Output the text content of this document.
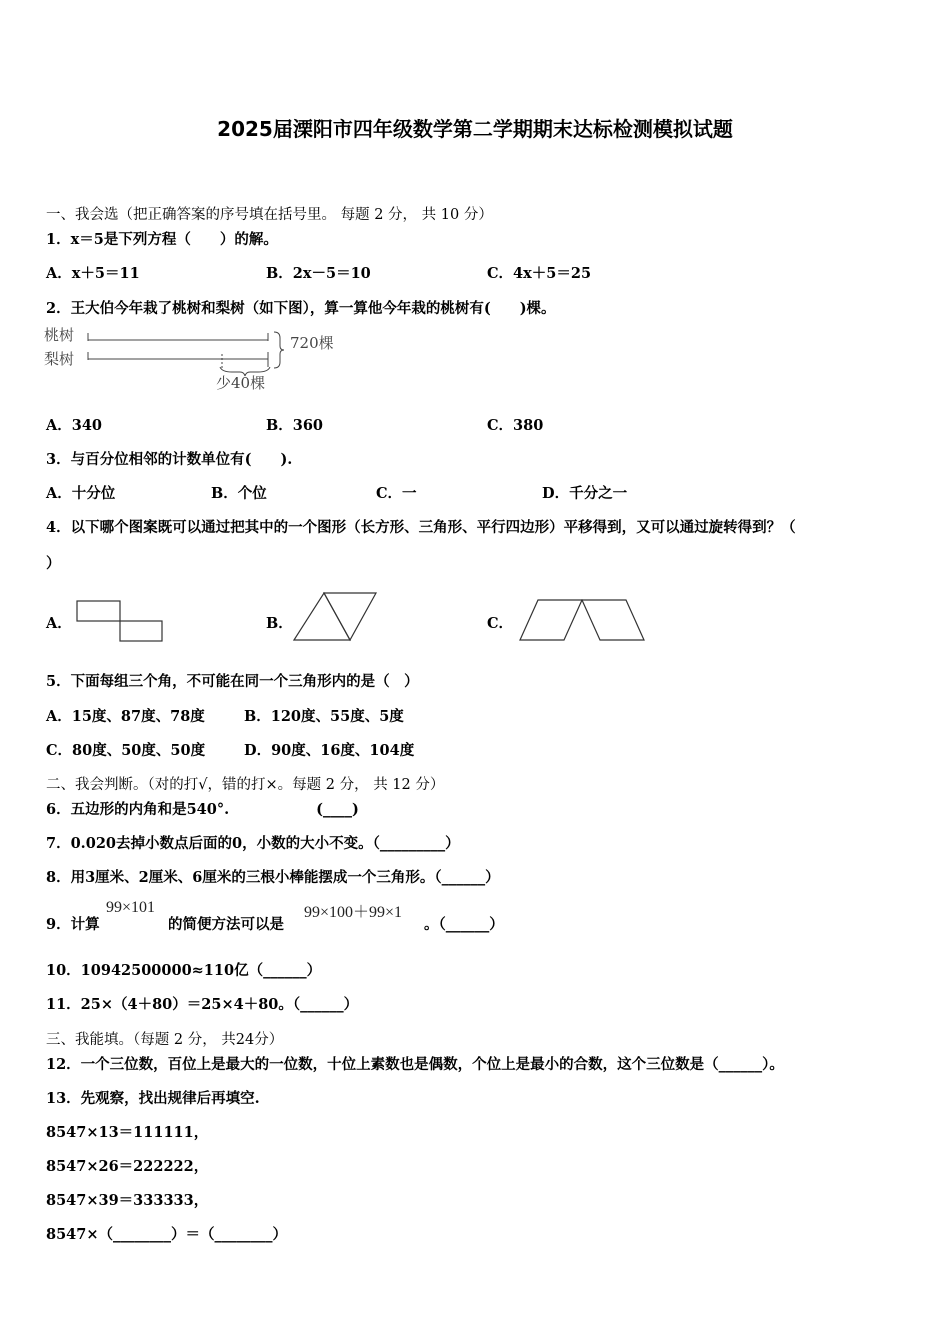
2025届溧阳市四年级数学第二学期期末达标检测模拟试题
一、我会选（把正确答案的序号填在括号里。 每题 2 分， 共 10 分）
1．x＝5是下列方程（　　）的解。
A．x＋5＝11	B．2x－5＝10	C．4x＋5＝25
2．王大伯今年栽了桃树和梨树（如下图），算一算他今年栽的桃树有(　　)棵。
桃树
梨树
720棵
少40棵
A．340	B．360	C．380
3．与百分位相邻的计数单位有(　　).
A．十分位	B．个位	C．一	D．千分之一
4．以下哪个图案既可以通过把其中的一个图形（长方形、三角形、平行四边形）平移得到，又可以通过旋转得到？（
）
A．	B．	C．
5．下面每组三个角，不可能在同一个三角形内的是（　）
A．15度、87度、78度	B．120度、55度、5度
C．80度、50度、50度	D．90度、16度、104度
二、我会判断。（对的打√，错的打×。每题 2 分， 共 12 分）
6．五边形的内角和是540°.　　　　　　(____)
7．0.020去掉小数点后面的0，小数的大小不变。（_________）
8．用3厘米、2厘米、6厘米的三根小棒能摆成一个三角形。（______）
9．计算
99×101
的简便方法可以是
99×100＋99×1
。（______）
10．10942500000≈110亿（______）
11．25×（4＋80）＝25×4＋80。（______）
三、我能填。（每题 2 分， 共24分）
12．一个三位数，百位上是最大的一位数，十位上素数也是偶数，个位上是最小的合数，这个三位数是（______）。
13．先观察，找出规律后再填空.
8547×13＝111111，
8547×26＝222222，
8547×39＝333333，
8547×（________）＝（________）
